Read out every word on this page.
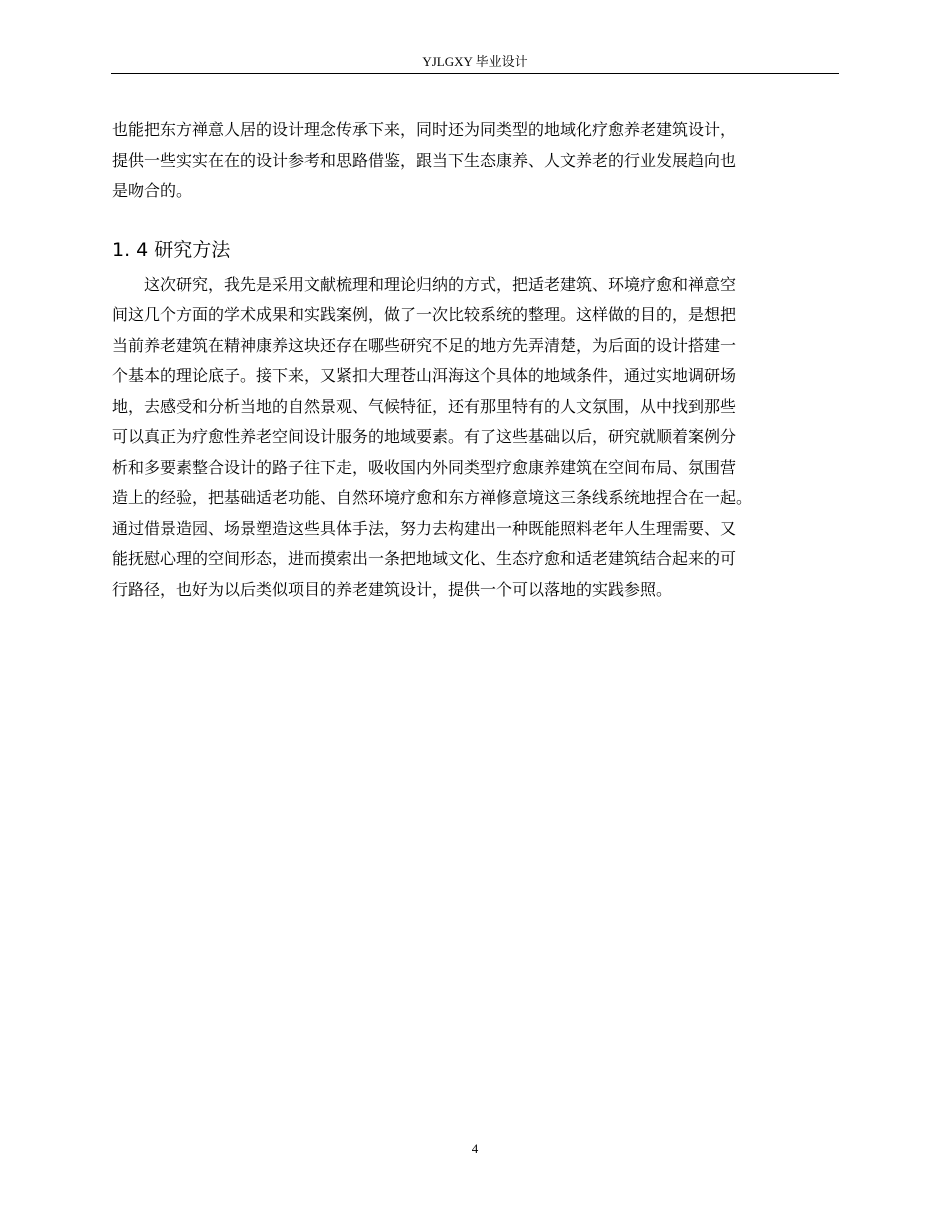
YJLGXY 毕业设计

也能把东方禅意人居的设计理念传承下来，同时还为同类型的地域化疗愈养老建筑设计，
提供一些实实在在的设计参考和思路借鉴，跟当下生态康养、人文养老的行业发展趋向也
是吻合的。

1. 4 研究方法

　　这次研究，我先是采用文献梳理和理论归纳的方式，把适老建筑、环境疗愈和禅意空
间这几个方面的学术成果和实践案例，做了一次比较系统的整理。这样做的目的，是想把
当前养老建筑在精神康养这块还存在哪些研究不足的地方先弄清楚，为后面的设计搭建一
个基本的理论底子。接下来，又紧扣大理苍山洱海这个具体的地域条件，通过实地调研场
地，去感受和分析当地的自然景观、气候特征，还有那里特有的人文氛围，从中找到那些
可以真正为疗愈性养老空间设计服务的地域要素。有了这些基础以后，研究就顺着案例分
析和多要素整合设计的路子往下走，吸收国内外同类型疗愈康养建筑在空间布局、氛围营
造上的经验，把基础适老功能、自然环境疗愈和东方禅修意境这三条线系统地捏合在一起。
通过借景造园、场景塑造这些具体手法，努力去构建出一种既能照料老年人生理需要、又
能抚慰心理的空间形态，进而摸索出一条把地域文化、生态疗愈和适老建筑结合起来的可
行路径，也好为以后类似项目的养老建筑设计，提供一个可以落地的实践参照。

4
